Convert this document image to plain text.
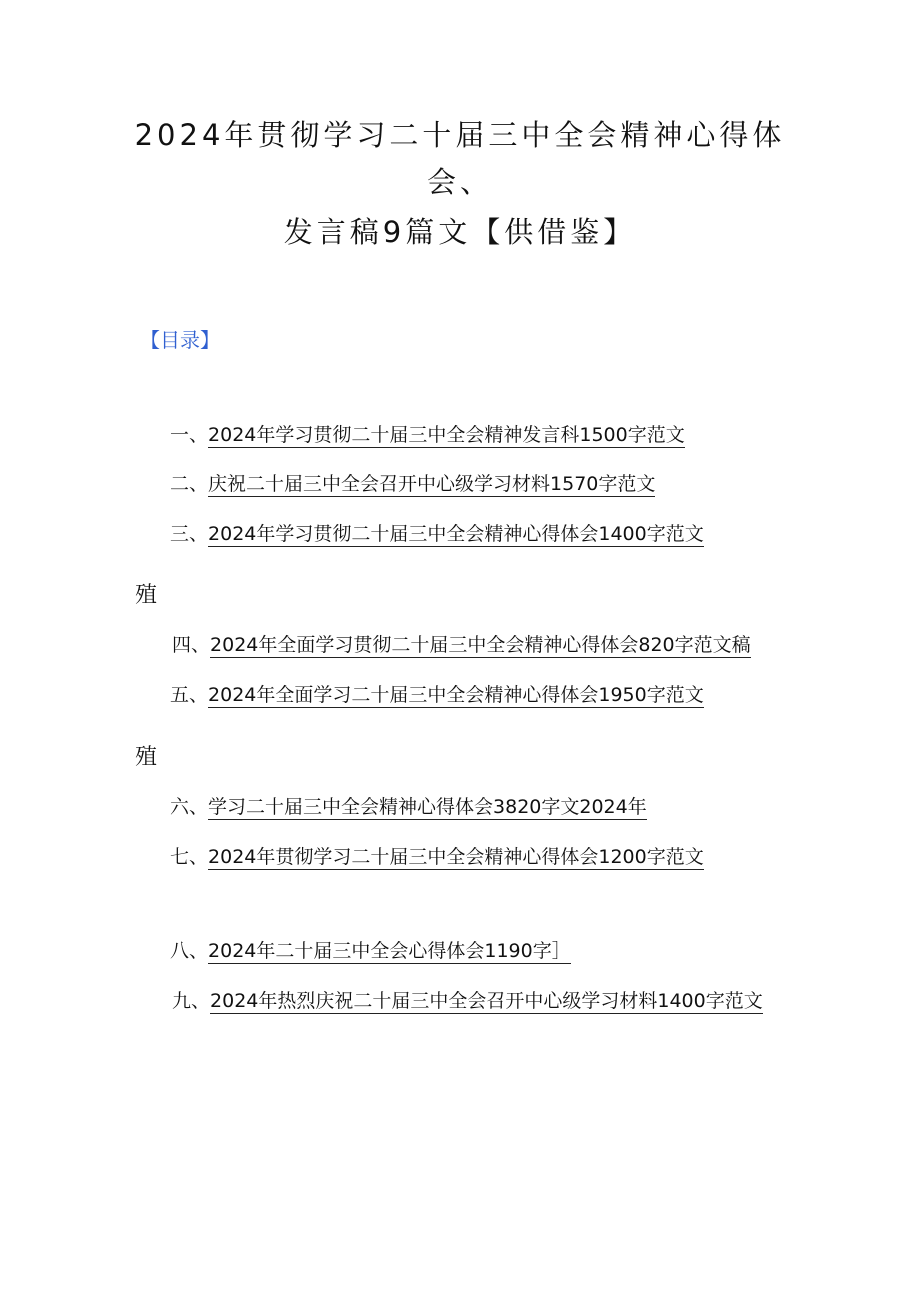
2024年贯彻学习二十届三中全会精神心得体
会、
发言稿9篇文【供借鉴】
【目录】
一、2024年学习贯彻二十届三中全会精神发言科1500字范文
二、庆祝二十届三中全会召开中心级学习材料1570字范文
三、2024年学习贯彻二十届三中全会精神心得体会1400字范文
殖
四、2024年全面学习贯彻二十届三中全会精神心得体会820字范文稿
五、2024年全面学习二十届三中全会精神心得体会1950字范文
殖
六、学习二十届三中全会精神心得体会3820字文2024年
七、2024年贯彻学习二十届三中全会精神心得体会1200字范文
八、2024年二十届三中全会心得体会1190字］
九、2024年热烈庆祝二十届三中全会召开中心级学习材料1400字范文
